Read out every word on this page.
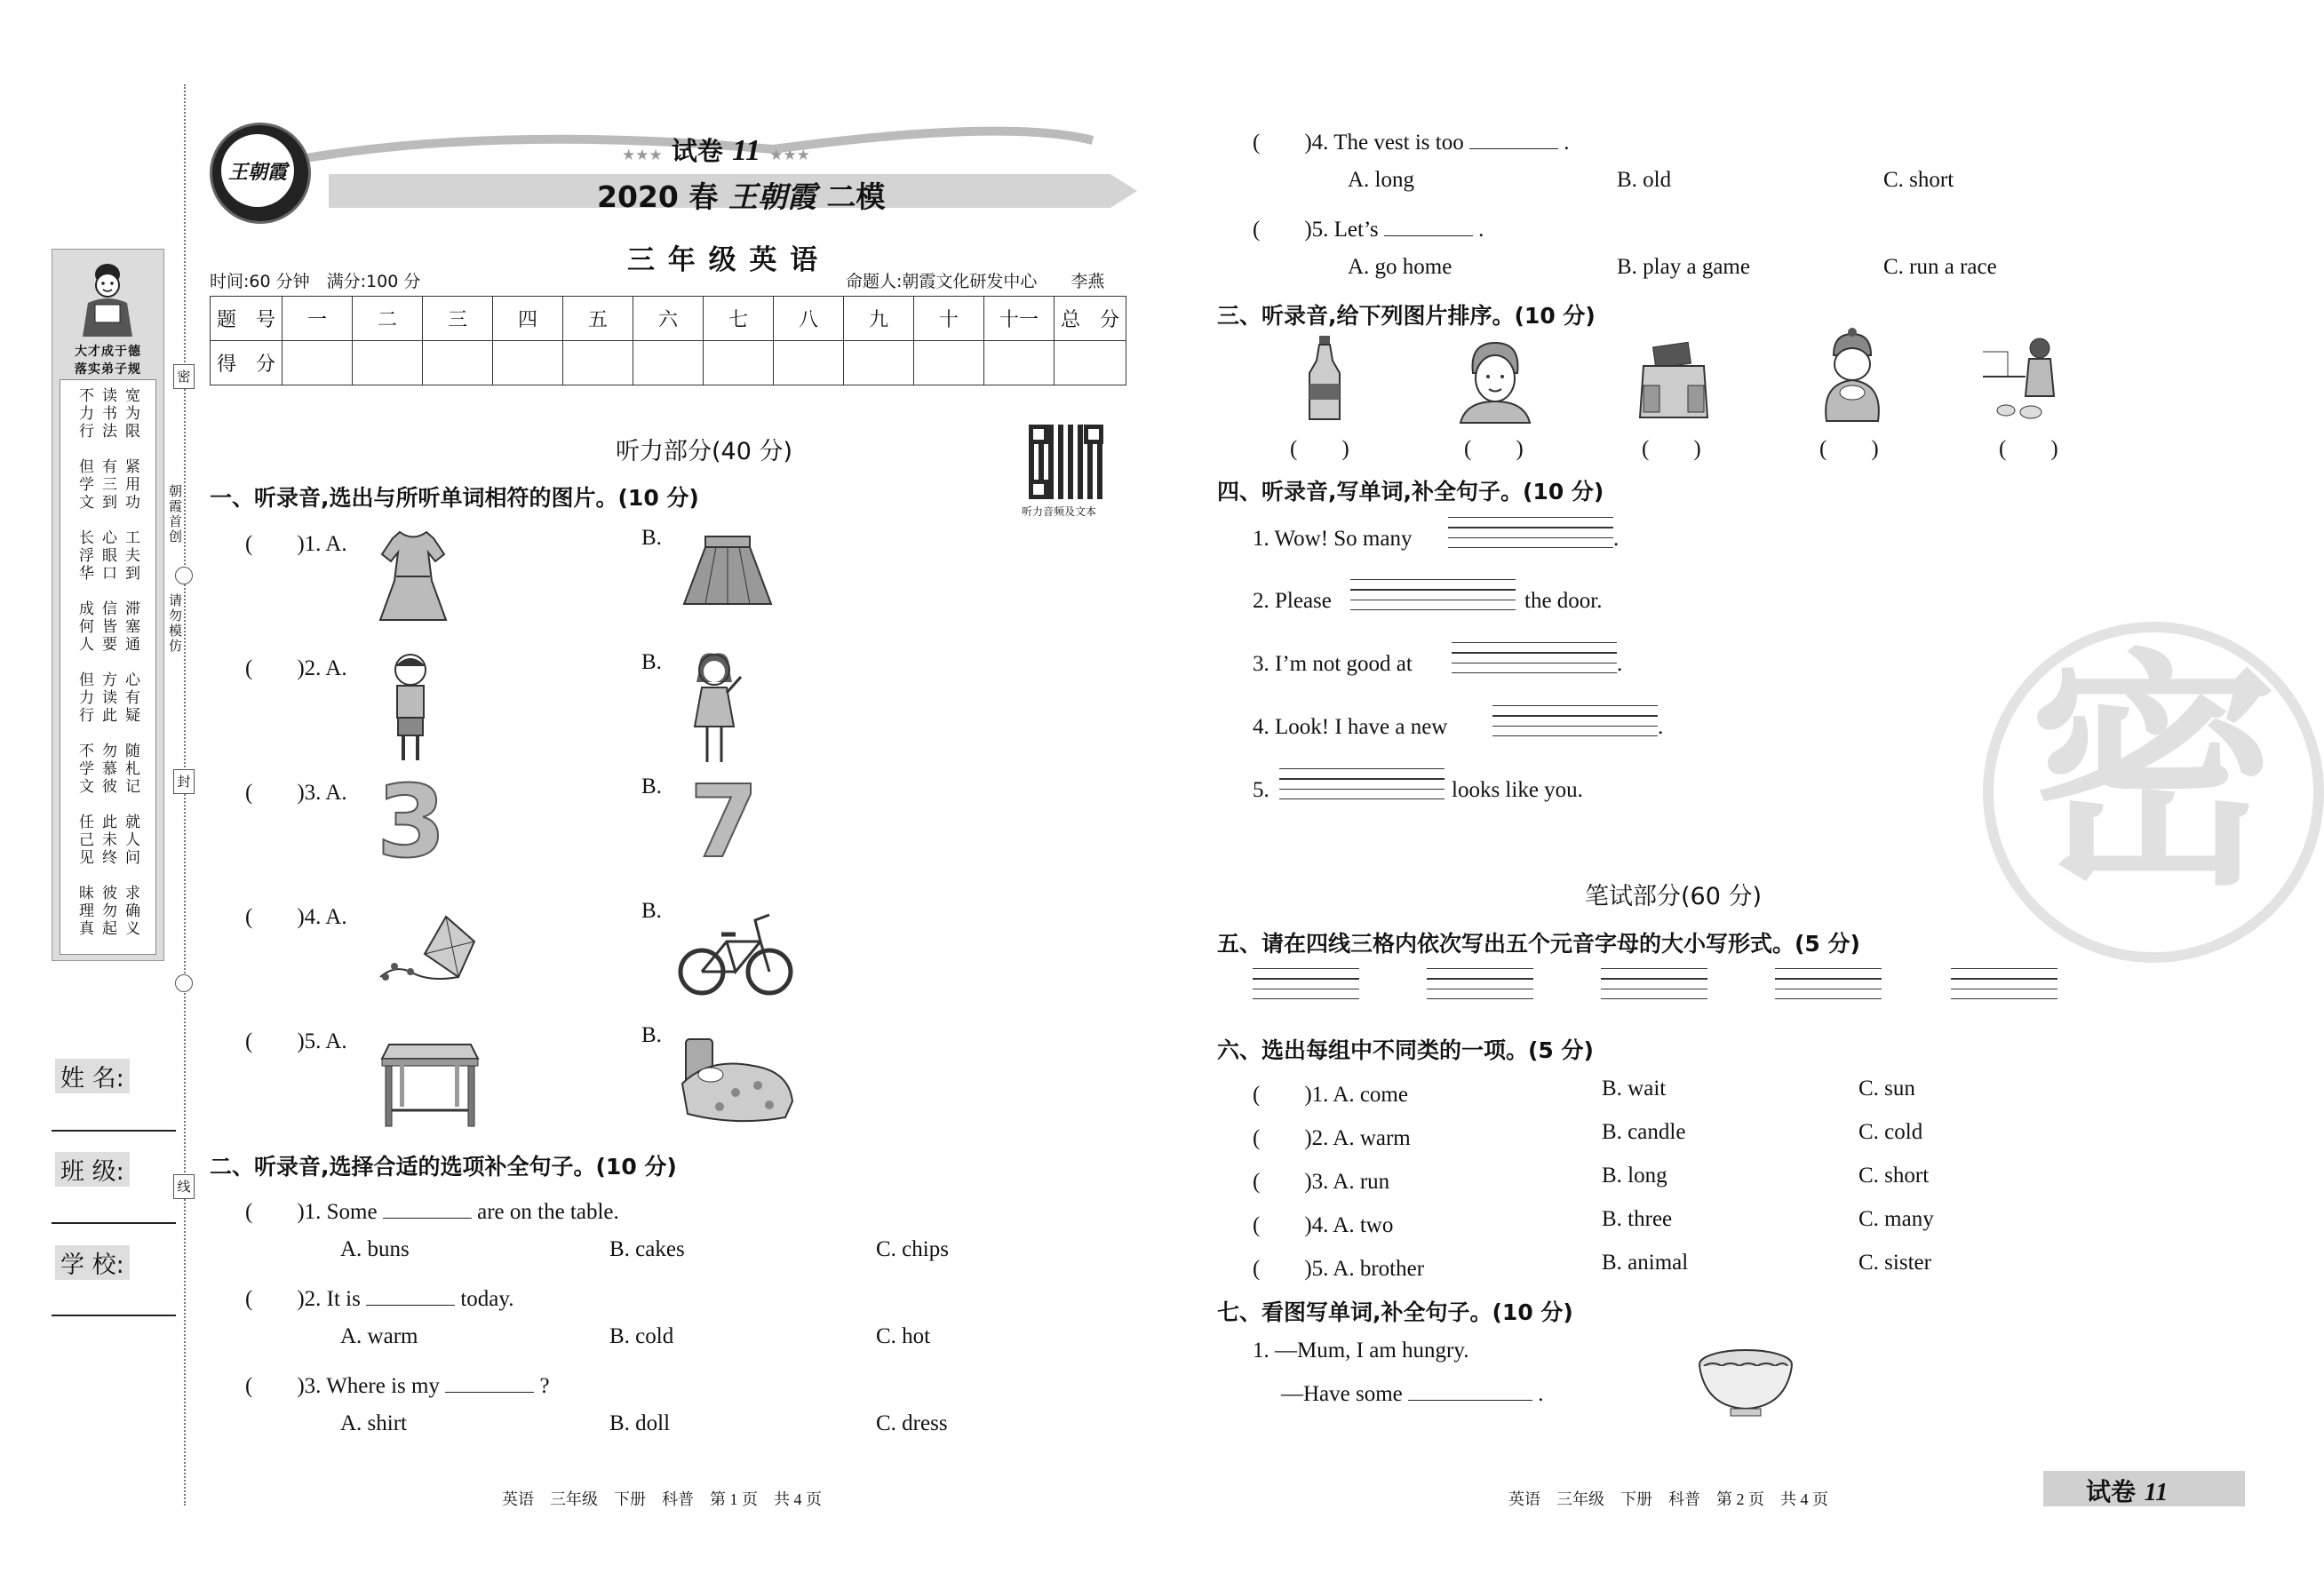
大才成于德
落实弟子规
宽为限
读书法
不力行
紧用功
有三到
但学文
工夫到
心眼口
长浮华
滞塞通
信皆要
成何人
心有疑
方读此
但力行
随札记
勿慕彼
不学文
就人问
此未终
任己见
求确义
彼勿起
昧理真
密
朝霞首创
请勿模仿
封
线
姓 名:
班 级:
学 校:
王朝霞
★★★ 试卷 11 ★★★
2020 春 王朝霞 二模
三 年 级 英 语
时间:60 分钟　满分:100 分	命题人:朝霞文化研发中心　　李燕
题　号	一	二	三	四	五	六	七	八	九	十	十一	总　分
得　分												
听力部分(40 分)
听力音频及文本
一、听录音,选出与所听单词相符的图片。(10 分)
(　　)1. A.	B.
(　　)2. A.	B.
(　　)3. A.	B.
3 7
(　　)4. A.	B.
(　　)5. A.	B.
二、听录音,选择合适的选项补全句子。(10 分)
(　　)1. Some	are on the table.
A. buns	B. cakes	C. chips
(　　)2. It is	today.
A. warm	B. cold	C. hot
(　　)3. Where is my	?
A. shirt	B. doll	C. dress
英语　三年级　下册　科普　第 1 页　共 4 页
密
(　　)4. The vest is too	.
A. long	B. old	C. short
(　　)5. Let’s	.
A. go home	B. play a game	C. run a race
三、听录音,给下列图片排序。(10 分)
(　　)	(　　)	(　　)	(　　)	(　　)
四、听录音,写单词,补全句子。(10 分)
1. Wow! So many	.
2. Please	the door.
3. I’m not good at	.
4. Look! I have a new	.
5.	looks like you.
笔试部分(60 分)
五、请在四线三格内依次写出五个元音字母的大小写形式。(5 分)
六、选出每组中不同类的一项。(5 分)
(　　)1. A. come	B. wait	C. sun
(　　)2. A. warm	B. candle	C. cold
(　　)3. A. run	B. long	C. short
(　　)4. A. two	B. three	C. many
(　　)5. A. brother	B. animal	C. sister
七、看图写单词,补全句子。(10 分)
1. —Mum, I am hungry.
—Have some	.
英语　三年级　下册　科普　第 2 页　共 4 页	试卷 11
